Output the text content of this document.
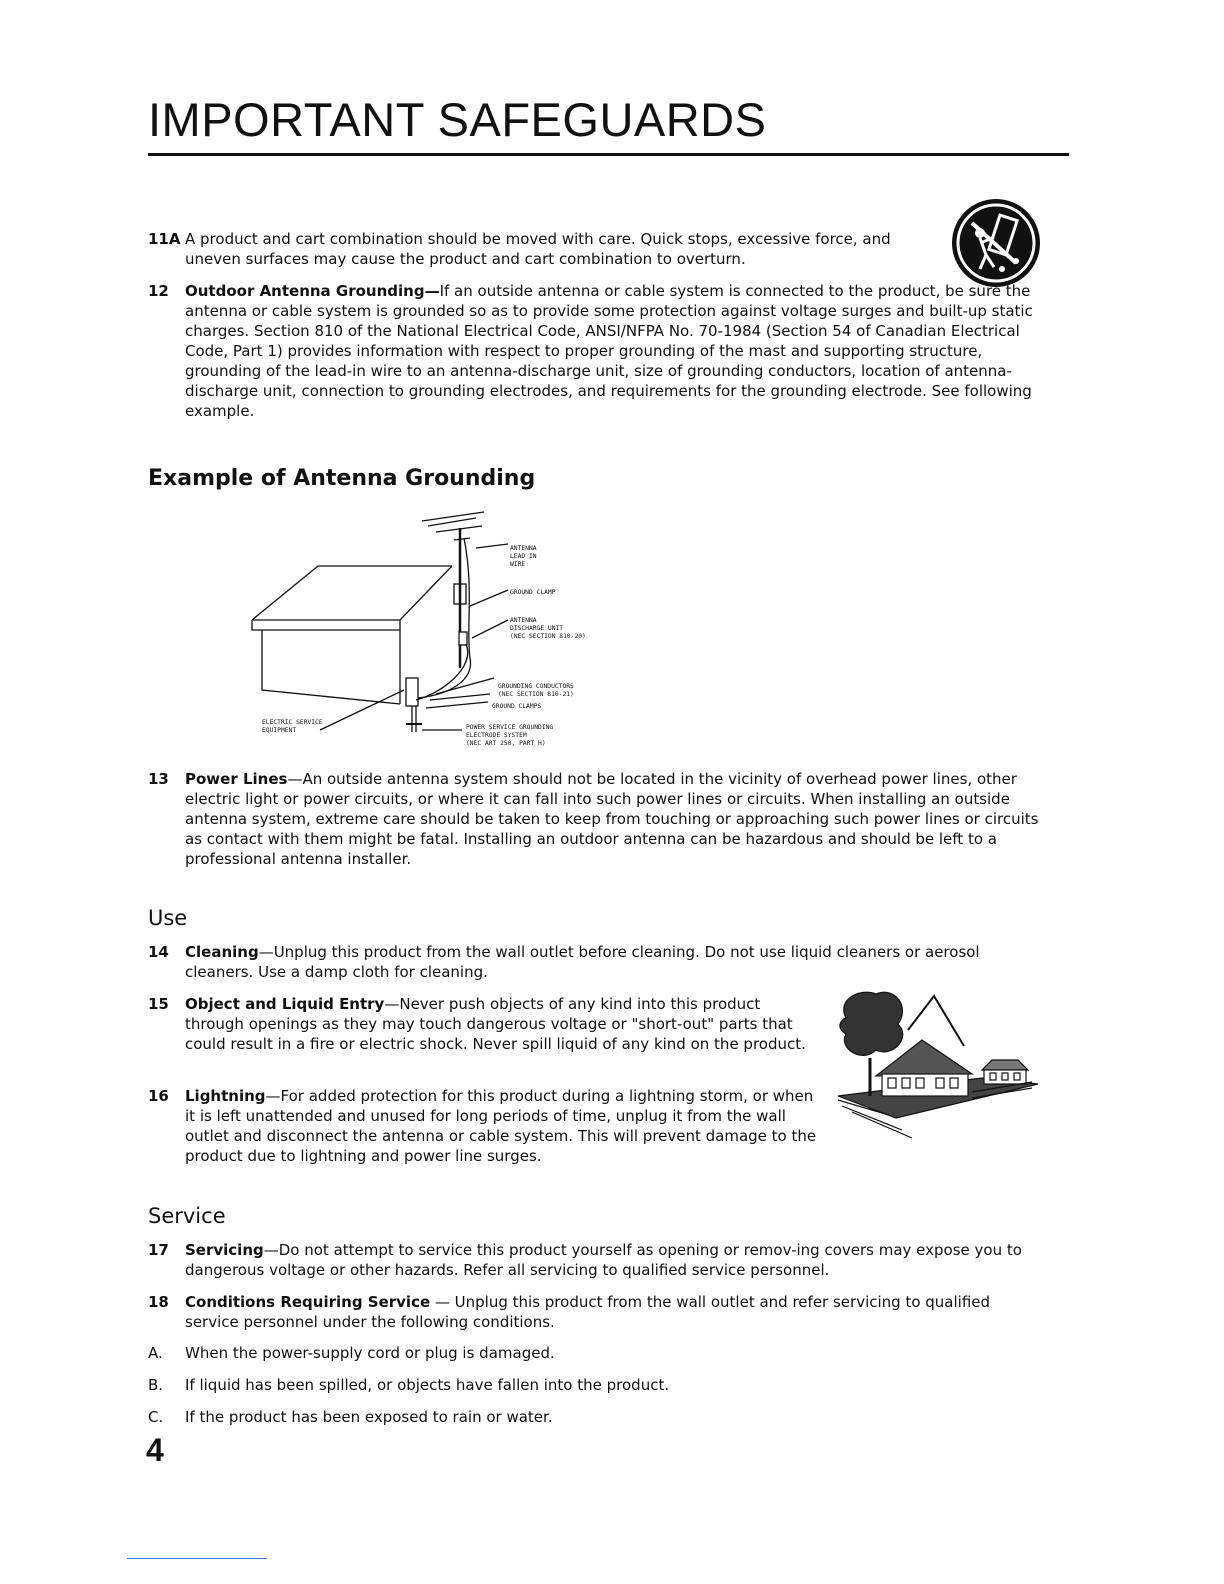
IMPORTANT SAFEGUARDS
11A A product and cart combination should be moved with care. Quick stops, excessive force, and uneven surfaces may cause the product and cart combination to overturn.
12 Outdoor Antenna Grounding—If an outside antenna or cable system is connected to the product, be sure the antenna or cable system is grounded so as to provide some protection against voltage surges and built-up static charges. Section 810 of the National Electrical Code, ANSI/NFPA No. 70-1984 (Section 54 of Canadian Electrical Code, Part 1) provides information with respect to proper grounding of the mast and supporting structure, grounding of the lead-in wire to an antenna-discharge unit, size of grounding conductors, location of antenna-discharge unit, connection to grounding electrodes, and requirements for the grounding electrode. See following example.
Example of Antenna Grounding
ANTENNA
LEAD IN
WIRE
GROUND CLAMP
ANTENNA
DISCHARGE UNIT
(NEC SECTION 810-20)
GROUNDING CONDUCTORS
(NEC SECTION 810-21)
GROUND CLAMPS
POWER SERVICE GROUNDING
ELECTRODE SYSTEM
(NEC ART 250, PART H)
ELECTRIC SERVICE
EQUIPMENT
13 Power Lines—An outside antenna system should not be located in the vicinity of overhead power lines, other electric light or power circuits, or where it can fall into such power lines or circuits. When installing an outside antenna system, extreme care should be taken to keep from touching or approaching such power lines or circuits as contact with them might be fatal. Installing an outdoor antenna can be hazardous and should be left to a professional antenna installer.
Use
14 Cleaning—Unplug this product from the wall outlet before cleaning. Do not use liquid cleaners or aerosol cleaners. Use a damp cloth for cleaning.
15 Object and Liquid Entry—Never push objects of any kind into this product through openings as they may touch dangerous voltage or "short-out" parts that could result in a fire or electric shock. Never spill liquid of any kind on the product.
16 Lightning—For added protection for this product during a lightning storm, or when it is left unattended and unused for long periods of time, unplug it from the wall outlet and disconnect the antenna or cable system. This will prevent damage to the product due to lightning and power line surges.
Service
17 Servicing—Do not attempt to service this product yourself as opening or remov-ing covers may expose you to dangerous voltage or other hazards. Refer all servicing to qualified service personnel.
18 Conditions Requiring Service — Unplug this product from the wall outlet and refer servicing to qualified service personnel under the following conditions.
A. When the power-supply cord or plug is damaged.
B. If liquid has been spilled, or objects have fallen into the product.
C. If the product has been exposed to rain or water.
4
